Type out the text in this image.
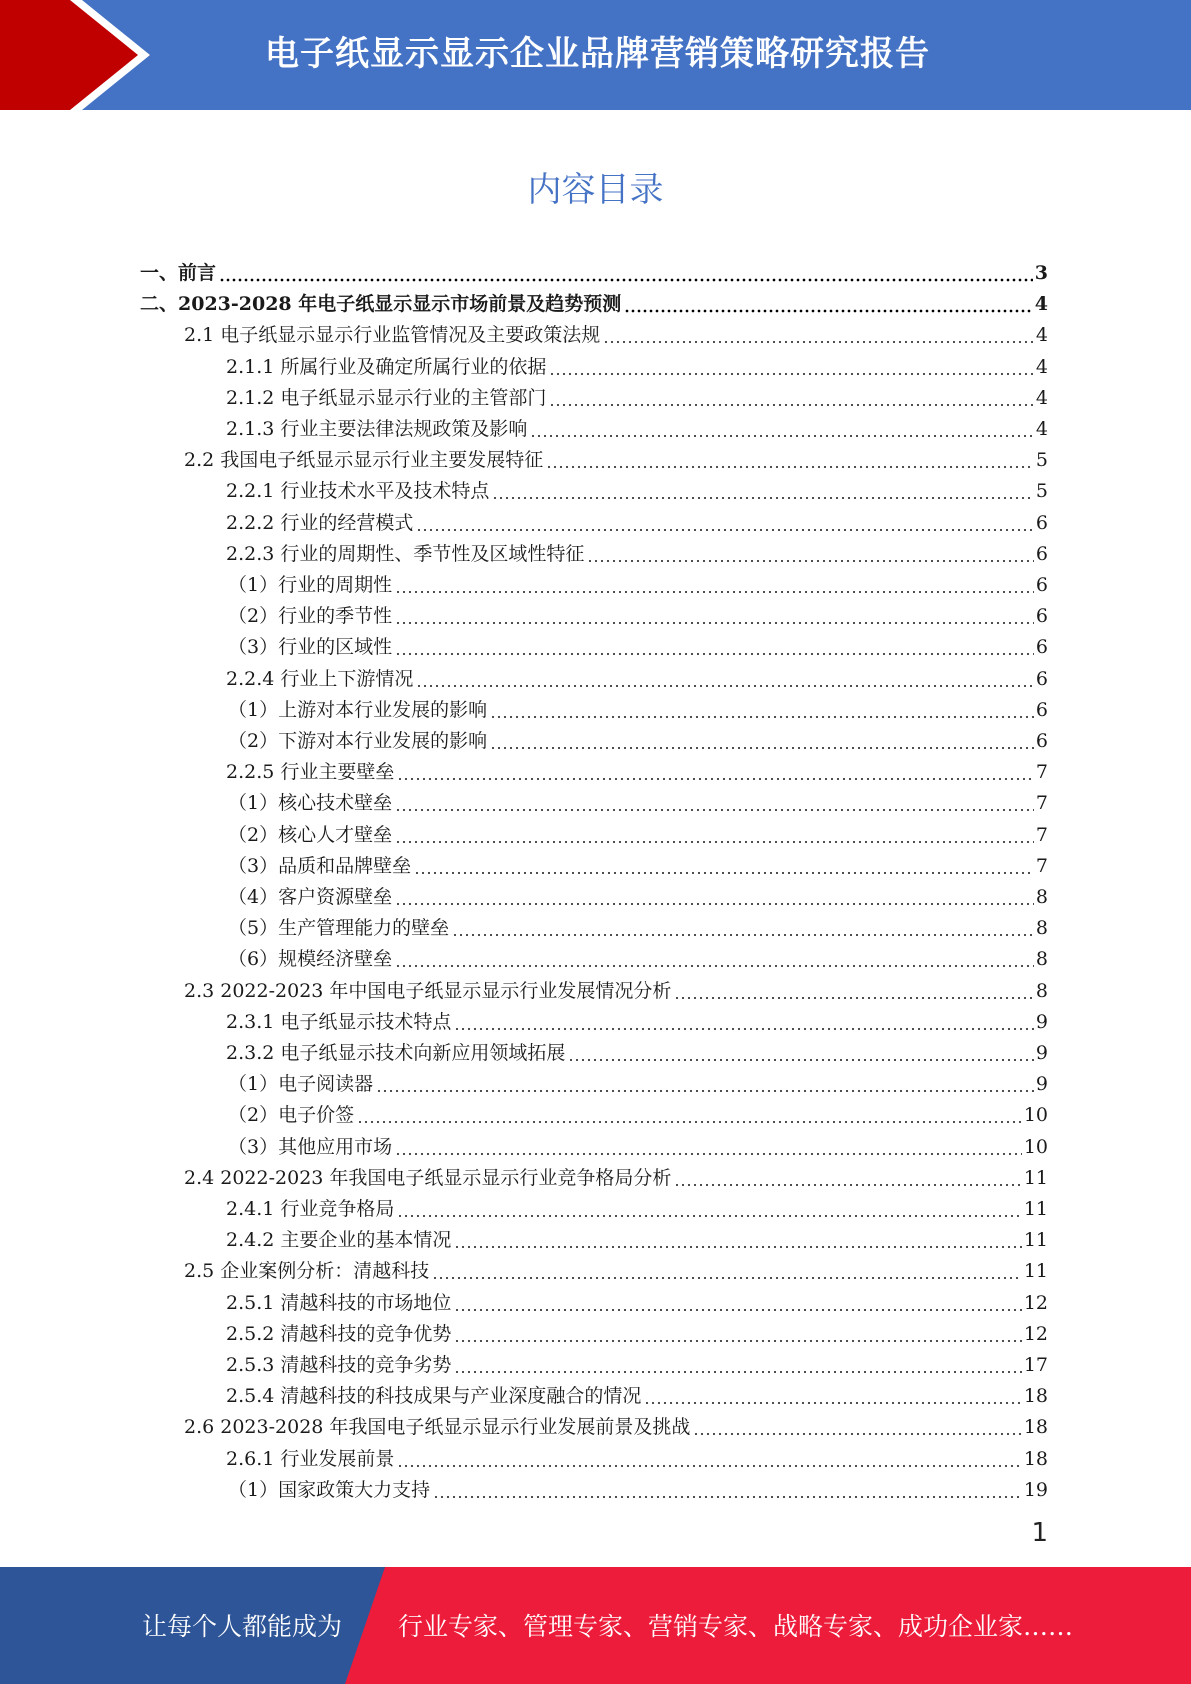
电子纸显示显示企业品牌营销策略研究报告
内容目录
一、前言	3
二、2023-2028 年电子纸显示显示市场前景及趋势预测	4
2.1 电子纸显示显示行业监管情况及主要政策法规	4
2.1.1 所属行业及确定所属行业的依据	4
2.1.2 电子纸显示显示行业的主管部门	4
2.1.3 行业主要法律法规政策及影响	4
2.2 我国电子纸显示显示行业主要发展特征	5
2.2.1 行业技术水平及技术特点	5
2.2.2 行业的经营模式	6
2.2.3 行业的周期性、季节性及区域性特征	6
（1）行业的周期性	6
（2）行业的季节性	6
（3）行业的区域性	6
2.2.4 行业上下游情况	6
（1）上游对本行业发展的影响	6
（2）下游对本行业发展的影响	6
2.2.5 行业主要壁垒	7
（1）核心技术壁垒	7
（2）核心人才壁垒	7
（3）品质和品牌壁垒	7
（4）客户资源壁垒	8
（5）生产管理能力的壁垒	8
（6）规模经济壁垒	8
2.3 2022-2023 年中国电子纸显示显示行业发展情况分析	8
2.3.1 电子纸显示技术特点	9
2.3.2 电子纸显示技术向新应用领域拓展	9
（1）电子阅读器	9
（2）电子价签	10
（3）其他应用市场	10
2.4 2022-2023 年我国电子纸显示显示行业竞争格局分析	11
2.4.1 行业竞争格局	11
2.4.2 主要企业的基本情况	11
2.5 企业案例分析：清越科技	11
2.5.1 清越科技的市场地位	12
2.5.2 清越科技的竞争优势	12
2.5.3 清越科技的竞争劣势	17
2.5.4 清越科技的科技成果与产业深度融合的情况	18
2.6 2023-2028 年我国电子纸显示显示行业发展前景及挑战	18
2.6.1 行业发展前景	18
（1）国家政策大力支持	19
1
让每个人都能成为 行业专家、管理专家、营销专家、战略专家、成功企业家……
